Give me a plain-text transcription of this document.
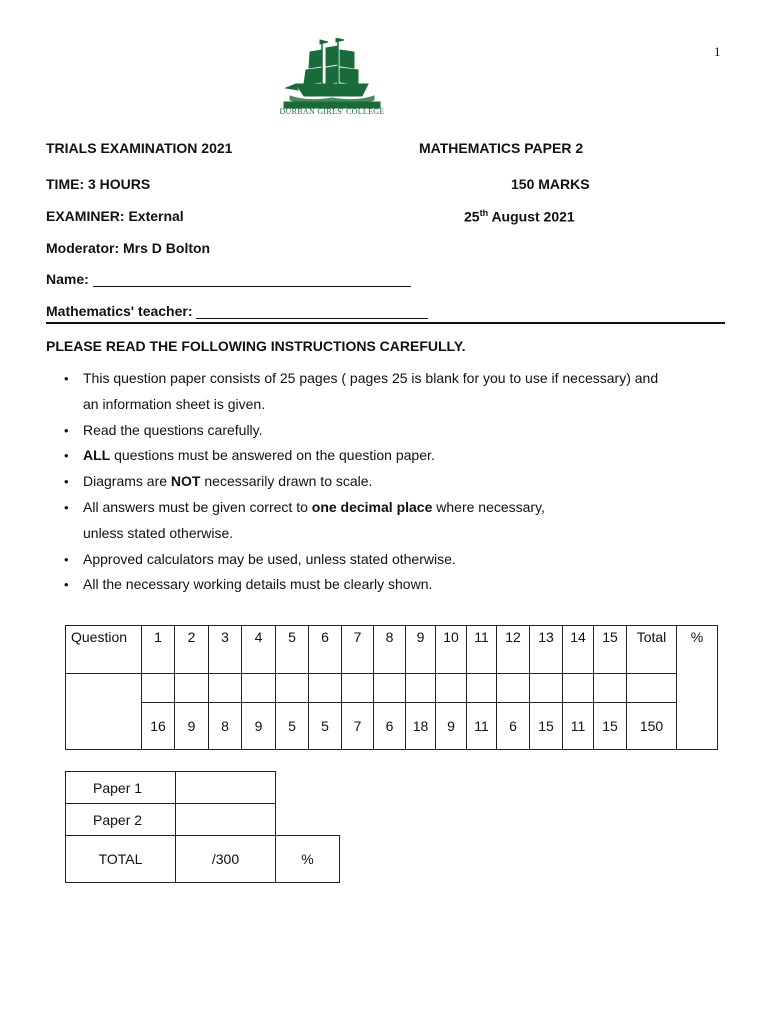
1
DURBAN GIRLS' COLLEGE
TRIALS EXAMINATION 2021	MATHEMATICS PAPER 2
TIME: 3 HOURS	150 MARKS
EXAMINER: External	25th August 2021
Moderator: Mrs D Bolton
Name:
Mathematics' teacher:
PLEASE READ THE FOLLOWING INSTRUCTIONS CAREFULLY.
• This question paper consists of 25 pages ( pages 25 is blank for you to use if necessary) and
an information sheet is given.
• Read the questions carefully.
• ALL questions must be answered on the question paper.
• Diagrams are NOT necessarily drawn to scale.
• All answers must be given correct to one decimal place where necessary,
unless stated otherwise.
• Approved calculators may be used, unless stated otherwise.
• All the necessary working details must be clearly shown.
Question	1	2	3	4	5	6	7	8	9	10	11	12	13	14	15	Total	%

	16	9	8	9	5	5	7	6	18	9	11	6	15	11	15	150	
Paper 1		
Paper 2		
TOTAL	/300	%
